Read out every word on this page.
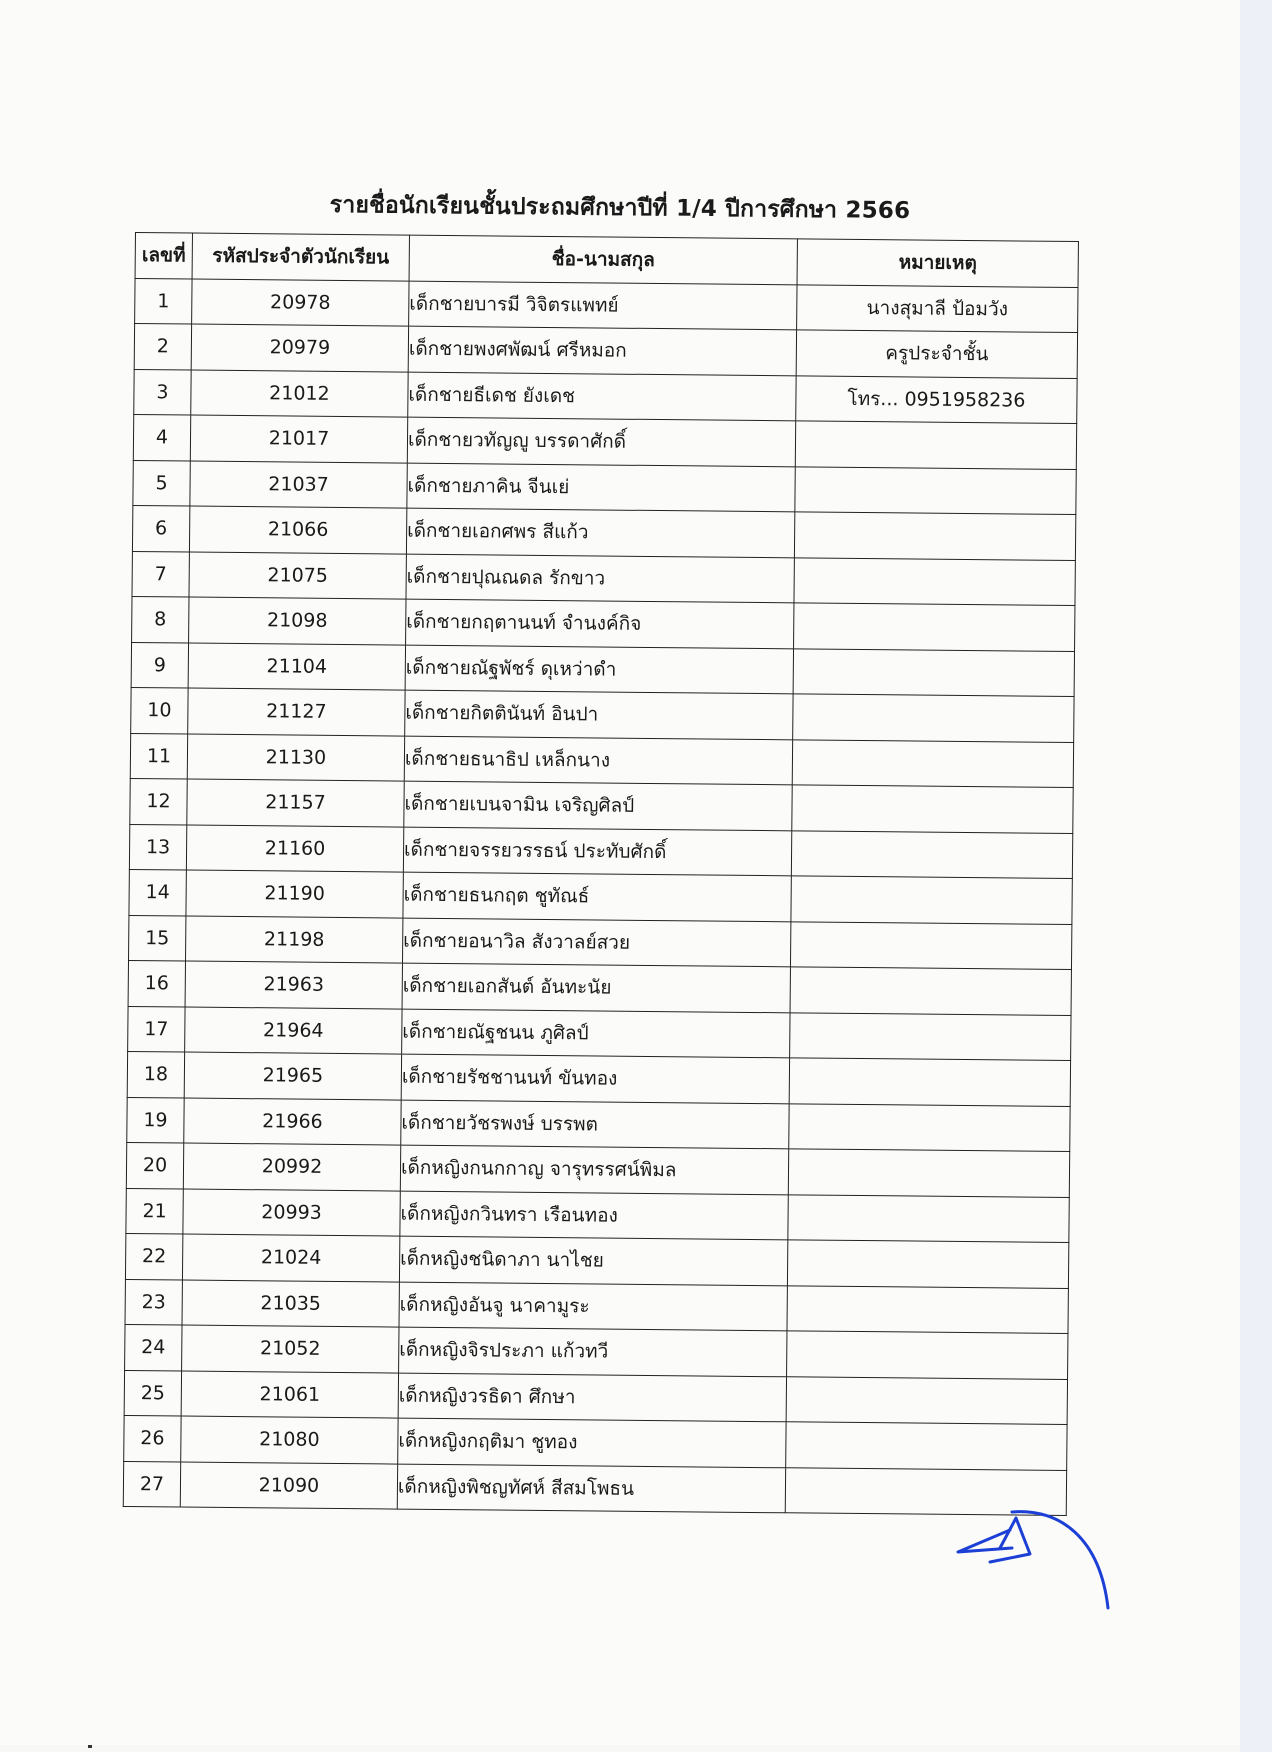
รายชื่อนักเรียนชั้นประถมศึกษาปีที่ 1/4 ปีการศึกษา 2566
เลขที่	รหัสประจำตัวนักเรียน	ชื่อ-นามสกุล	หมายเหตุ
1	20978	เด็กชายบารมี วิจิตรแพทย์	นางสุมาลี ป้อมวัง
2	20979	เด็กชายพงศพัฒน์ ศรีหมอก	ครูประจำชั้น
3	21012	เด็กชายธีเดช ยังเดช	โทร... 0951958236
4	21017	เด็กชายวทัญญู บรรดาศักดิ์	
5	21037	เด็กชายภาคิน จีนเย่	
6	21066	เด็กชายเอกศพร สีแก้ว	
7	21075	เด็กชายปุณณดล รักขาว	
8	21098	เด็กชายกฤตานนท์ จำนงค์กิจ	
9	21104	เด็กชายณัฐพัชร์ ดุเหว่าดำ	
10	21127	เด็กชายกิตตินันท์ อินปา	
11	21130	เด็กชายธนาธิป เหล็กนาง	
12	21157	เด็กชายเบนจามิน เจริญศิลป์	
13	21160	เด็กชายจรรยวรรธน์ ประทับศักดิ์	
14	21190	เด็กชายธนกฤต ชูทัณธ์	
15	21198	เด็กชายอนาวิล สังวาลย์สวย	
16	21963	เด็กชายเอกสันต์ อันทะนัย	
17	21964	เด็กชายณัฐชนน ภูศิลป์	
18	21965	เด็กชายรัชชานนท์ ขันทอง	
19	21966	เด็กชายวัชรพงษ์ บรรพต	
20	20992	เด็กหญิงกนกกาญ จารุทรรศน์พิมล	
21	20993	เด็กหญิงกวินทรา เรือนทอง	
22	21024	เด็กหญิงชนิดาภา นาไชย	
23	21035	เด็กหญิงอันจู นาคามูระ	
24	21052	เด็กหญิงจิรประภา แก้วทวี	
25	21061	เด็กหญิงวรธิดา ศึกษา	
26	21080	เด็กหญิงกฤติมา ชูทอง	
27	21090	เด็กหญิงพิชญทัศห์ สีสมโพธน	
